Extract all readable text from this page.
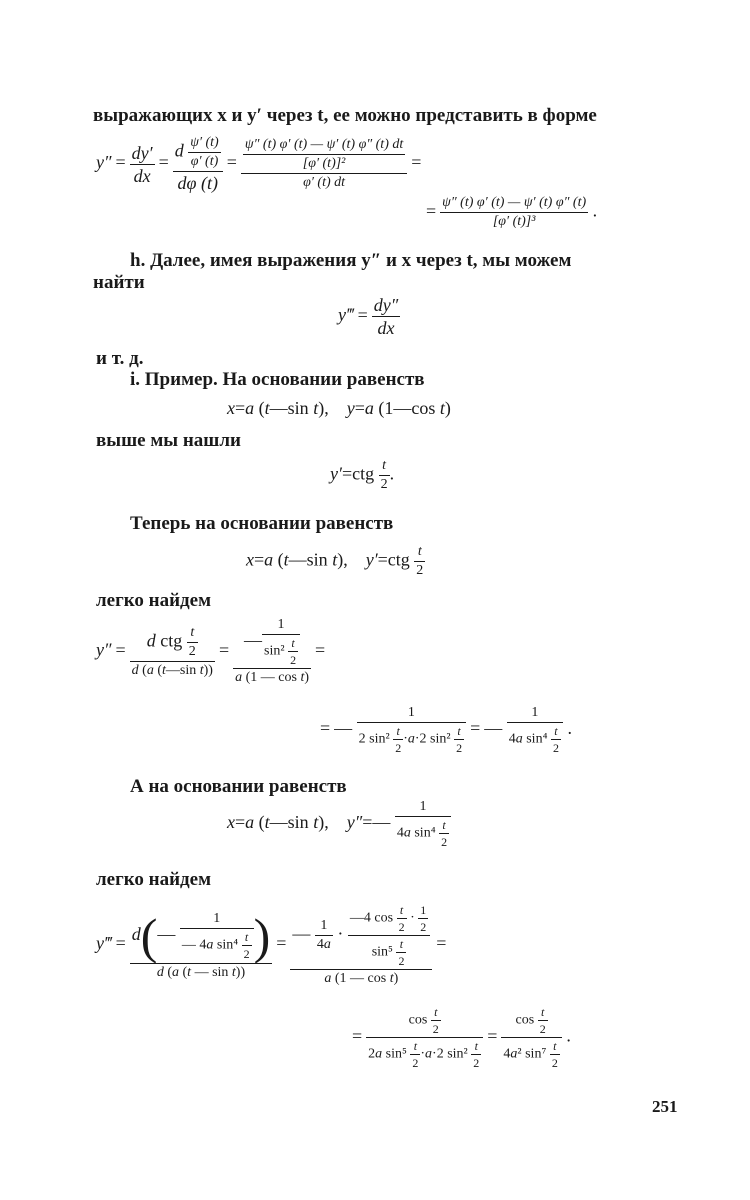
выражающих x и y′ через t, ее можно представить в форме
$y'' = \frac{dy'}{dx} = \frac{d \frac{\psi' (t)}{\varphi' (t)}}{d\varphi (t)} = \frac{\frac{\psi'' (t) \varphi' (t) — \psi' (t) \varphi'' (t) dt}{\text{[φ′ (t)]²}}}{\varphi' (t) dt}$ =
= $\frac{\psi'' (t) \varphi' (t) — \psi' (t) \varphi'' (t)}{\text{[φ′ (t)]³}}$ .
h. Далее, имея выражения y″ и x через t, мы можем
найти
y‴ = $\frac{dy''}{dx}$
и т. д.
i. Пример. На основании равенств
x=a (t—sin t),    y=a (1—cos t)
выше мы нашли
$y'=ctg \frac{t}{2}$ .
Теперь на основании равенств
x=a (t—sin t),    $y'=ctg \frac{t}{2}$
легко найдем
$y'' = \frac{d ctg \frac{t}{2}}{\text{d (a (t—sin t))}} = \frac{— \frac{1}{\sin^2 \frac{t}{2}}}{\text{a (1 — cos t)}}$ =
= — $\frac{1}{2 \sin^2 \frac{t}{2} \cdot a\cdot 2 \sin^2 \frac{t}{2}}$ = — $\frac{1}{4a \sin^4 \frac{t}{2}}$ .
А на основании равенств
x=a (t—sin t),    y″=— $\frac{1}{4a \sin^4 \frac{t}{2}}$
легко найдем
y‴ = $\frac{d(— \frac{1}{— 4a \sin^4 \frac{t}{2}} )}{\text{d (a (t — sin t))}} = \frac{— \frac{1}{4a} \cdot \frac{—4 \cos \frac{t}{2} \cdot \frac{1}{2}}{\sin^5 \frac{t}{2}}}{\text{a (1 — cos t)}}$ =
= $\frac{\cos \frac{t}{2}}{2a \sin^5 \frac{t}{2} \cdot a\cdot 2 \sin^2 \frac{t}{2}} = \frac{\cos \frac{t}{2}}{4a^2 \sin^7 \frac{t}{2}}$ .
251
